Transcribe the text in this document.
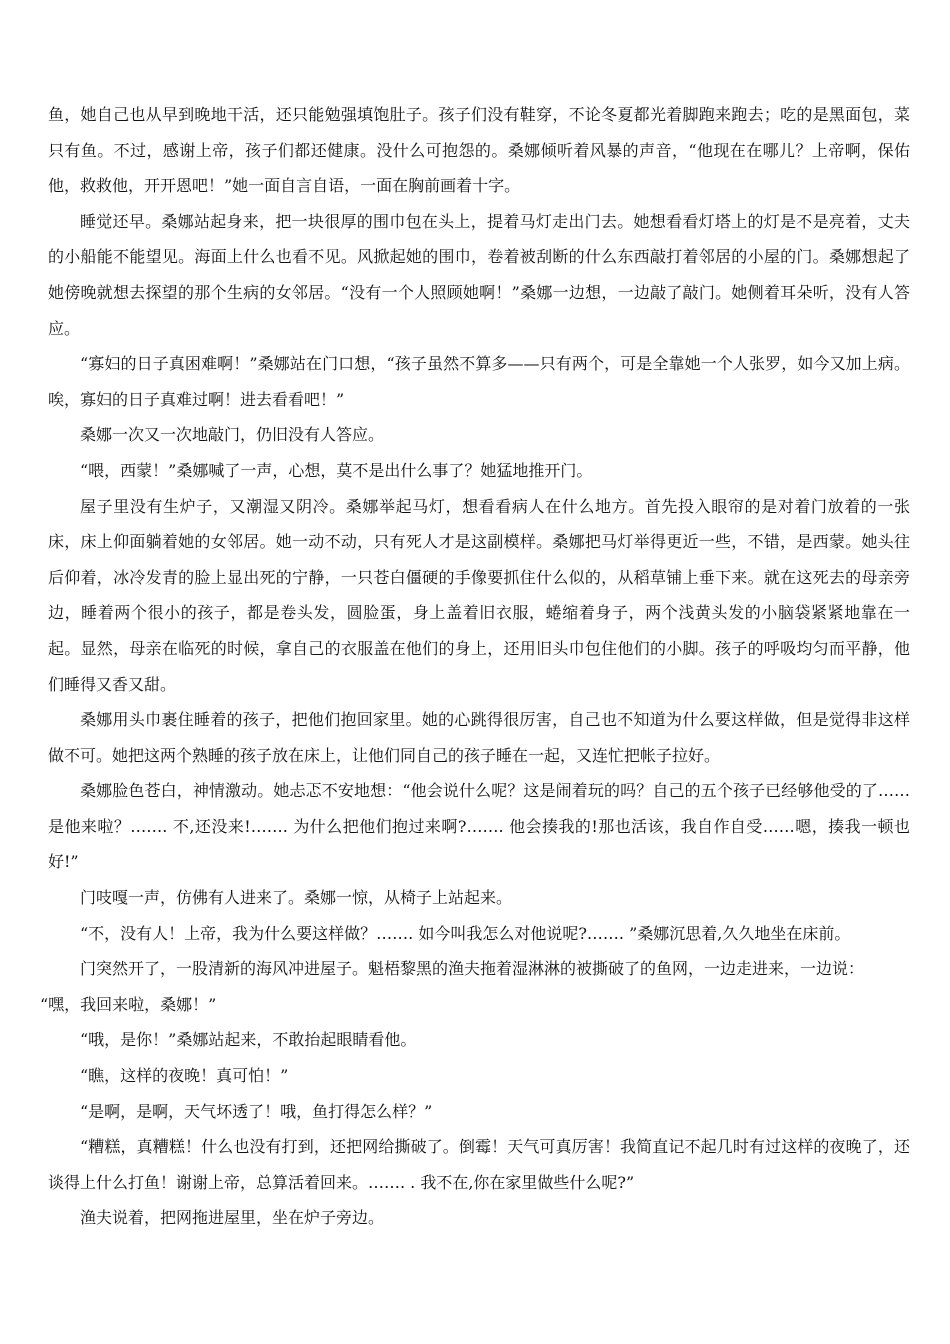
鱼，她自己也从早到晚地干活，还只能勉强填饱肚子。孩子们没有鞋穿，不论冬夏都光着脚跑来跑去；吃的是黑面包，菜只有鱼。不过，感谢上帝，孩子们都还健康。没什么可抱怨的。桑娜倾听着风暴的声音，“他现在在哪儿？上帝啊，保佑他，救救他，开开恩吧！”她一面自言自语，一面在胸前画着十字。

睡觉还早。桑娜站起身来，把一块很厚的围巾包在头上，提着马灯走出门去。她想看看灯塔上的灯是不是亮着，丈夫的小船能不能望见。海面上什么也看不见。风掀起她的围巾，卷着被刮断的什么东西敲打着邻居的小屋的门。桑娜想起了她傍晚就想去探望的那个生病的女邻居。“没有一个人照顾她啊！”桑娜一边想，一边敲了敲门。她侧着耳朵听，没有人答应。

“寡妇的日子真困难啊！”桑娜站在门口想，“孩子虽然不算多——只有两个，可是全靠她一个人张罗，如今又加上病。唉，寡妇的日子真难过啊！进去看看吧！”

桑娜一次又一次地敲门，仍旧没有人答应。

“喂，西蒙！”桑娜喊了一声，心想，莫不是出什么事了？她猛地推开门。

屋子里没有生炉子，又潮湿又阴冷。桑娜举起马灯，想看看病人在什么地方。首先投入眼帘的是对着门放着的一张床，床上仰面躺着她的女邻居。她一动不动，只有死人才是这副模样。桑娜把马灯举得更近一些，不错，是西蒙。她头往后仰着，冰冷发青的脸上显出死的宁静，一只苍白僵硬的手像要抓住什么似的，从稻草铺上垂下来。就在这死去的母亲旁边，睡着两个很小的孩子，都是卷头发，圆脸蛋，身上盖着旧衣服，蜷缩着身子，两个浅黄头发的小脑袋紧紧地靠在一起。显然，母亲在临死的时候，拿自己的衣服盖在他们的身上，还用旧头巾包住他们的小脚。孩子的呼吸均匀而平静，他们睡得又香又甜。

桑娜用头巾裹住睡着的孩子，把他们抱回家里。她的心跳得很厉害，自己也不知道为什么要这样做，但是觉得非这样做不可。她把这两个熟睡的孩子放在床上，让他们同自己的孩子睡在一起，又连忙把帐子拉好。

桑娜脸色苍白，神情激动。她忐忑不安地想：“他会说什么呢？这是闹着玩的吗？自己的五个孩子已经够他受的了……是他来啦？……. 不,还没来!……. 为什么把他们抱过来啊?……. 他会揍我的!那也活该，我自作自受……嗯，揍我一顿也好!”

门吱嘎一声，仿佛有人进来了。桑娜一惊，从椅子上站起来。

“不，没有人！上帝，我为什么要这样做？……. 如今叫我怎么对他说呢?……. ”桑娜沉思着,久久地坐在床前。

门突然开了，一股清新的海风冲进屋子。魁梧黎黑的渔夫拖着湿淋淋的被撕破了的鱼网，一边走进来，一边说：

“嘿，我回来啦，桑娜！”

“哦，是你！”桑娜站起来，不敢抬起眼睛看他。

“瞧，这样的夜晚！真可怕！”

“是啊，是啊，天气坏透了！哦，鱼打得怎么样？”

“糟糕，真糟糕！什么也没有打到，还把网给撕破了。倒霉！天气可真厉害！我简直记不起几时有过这样的夜晚了，还谈得上什么打鱼！谢谢上帝，总算活着回来。……. . 我不在,你在家里做些什么呢?”

渔夫说着，把网拖进屋里，坐在炉子旁边。
